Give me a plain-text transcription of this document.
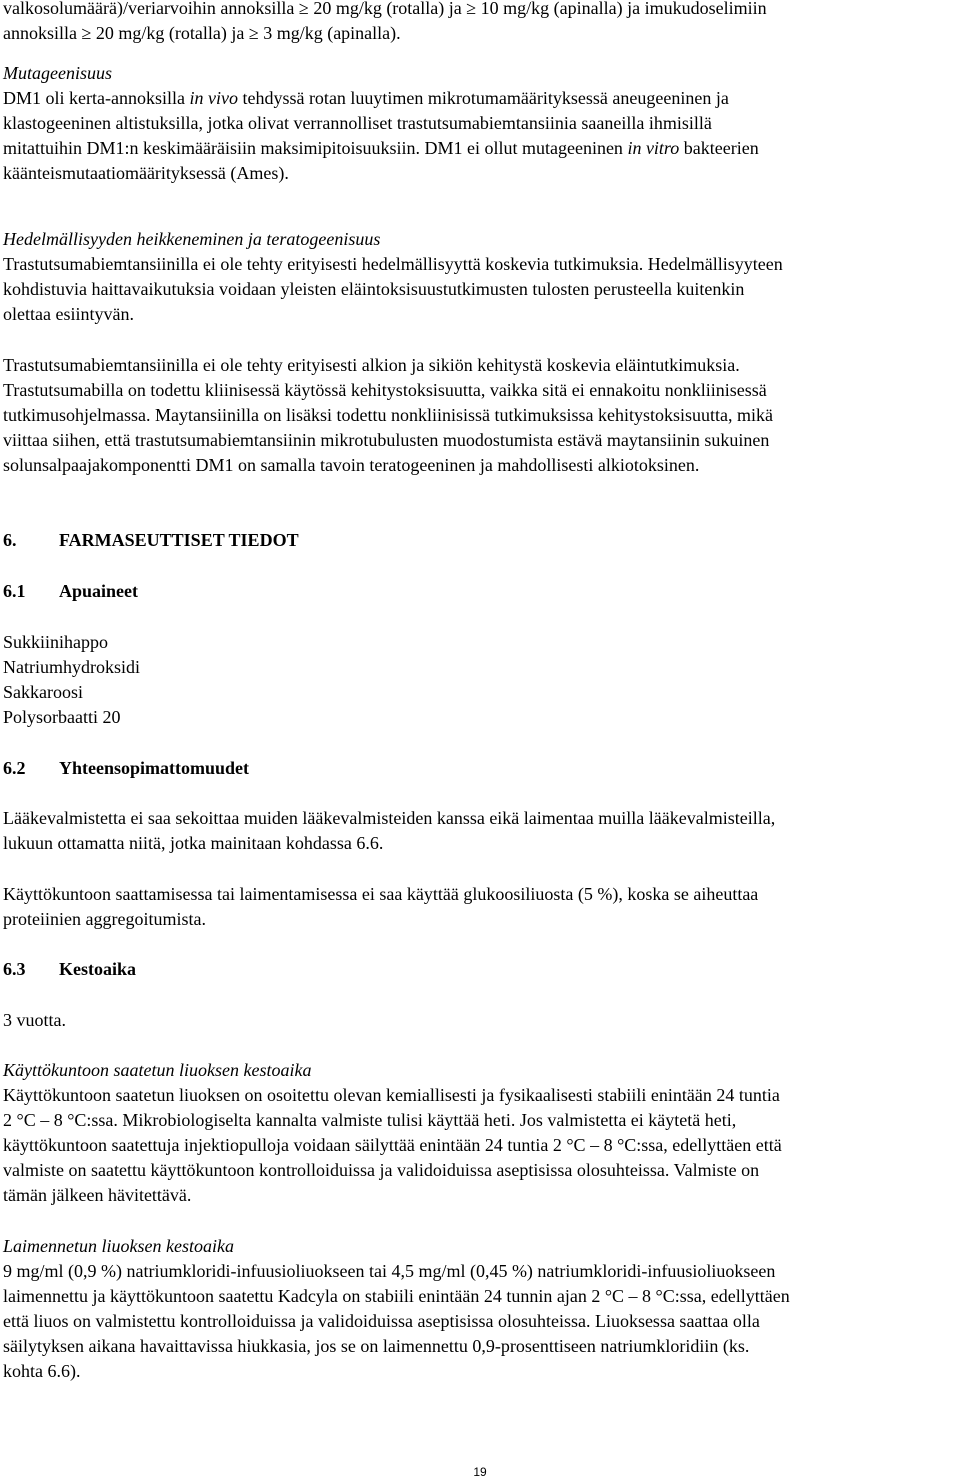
valkosolumäärä)/veriarvoihin annoksilla ≥ 20 mg/kg (rotalla) ja ≥ 10 mg/kg (apinalla) ja imukudoselimiin
annoksilla ≥ 20 mg/kg (rotalla) ja ≥ 3 mg/kg (apinalla).
Mutageenisuus
DM1 oli kerta-annoksilla in vivo tehdyssä rotan luuytimen mikrotumamäärityksessä aneugeeninen ja
klastogeeninen altistuksilla, jotka olivat verrannolliset trastutsumabiemtansiinia saaneilla ihmisillä
mitattuihin DM1:n keskimääräisiin maksimipitoisuuksiin. DM1 ei ollut mutageeninen in vitro bakteerien
käänteismutaatiomäärityksessä (Ames).
Hedelmällisyyden heikkeneminen ja teratogeenisuus
Trastutsumabiemtansiinilla ei ole tehty erityisesti hedelmällisyyttä koskevia tutkimuksia. Hedelmällisyyteen
kohdistuvia haittavaikutuksia voidaan yleisten eläintoksisuustutkimusten tulosten perusteella kuitenkin
olettaa esiintyvän.
Trastutsumabiemtansiinilla ei ole tehty erityisesti alkion ja sikiön kehitystä koskevia eläintutkimuksia.
Trastutsumabilla on todettu kliinisessä käytössä kehitystoksisuutta, vaikka sitä ei ennakoitu nonkliinisessä
tutkimusohjelmassa. Maytansiinilla on lisäksi todettu nonkliinisissä tutkimuksissa kehitystoksisuutta, mikä
viittaa siihen, että trastutsumabiemtansiinin mikrotubulusten muodostumista estävä maytansiinin sukuinen
solunsalpaajakomponentti DM1 on samalla tavoin teratogeeninen ja mahdollisesti alkiotoksinen.
6. FARMASEUTTISET TIEDOT
6.1 Apuaineet
Sukkiinihappo
Natriumhydroksidi
Sakkaroosi
Polysorbaatti 20
6.2 Yhteensopimattomuudet
Lääkevalmistetta ei saa sekoittaa muiden lääkevalmisteiden kanssa eikä laimentaa muilla lääkevalmisteilla,
lukuun ottamatta niitä, jotka mainitaan kohdassa 6.6.
Käyttökuntoon saattamisessa tai laimentamisessa ei saa käyttää glukoosiliuosta (5 %), koska se aiheuttaa
proteiinien aggregoitumista.
6.3 Kestoaika
3 vuotta.
Käyttökuntoon saatetun liuoksen kestoaika
Käyttökuntoon saatetun liuoksen on osoitettu olevan kemiallisesti ja fysikaalisesti stabiili enintään 24 tuntia
2 °C – 8 °C:ssa. Mikrobiologiselta kannalta valmiste tulisi käyttää heti. Jos valmistetta ei käytetä heti,
käyttökuntoon saatettuja injektiopulloja voidaan säilyttää enintään 24 tuntia 2 °C – 8 °C:ssa, edellyttäen että
valmiste on saatettu käyttökuntoon kontrolloiduissa ja validoiduissa aseptisissa olosuhteissa. Valmiste on
tämän jälkeen hävitettävä.
Laimennetun liuoksen kestoaika
9 mg/ml (0,9 %) natriumkloridi-infuusioliuokseen tai 4,5 mg/ml (0,45 %) natriumkloridi-infuusioliuokseen
laimennettu ja käyttökuntoon saatettu Kadcyla on stabiili enintään 24 tunnin ajan 2 °C – 8 °C:ssa, edellyttäen
että liuos on valmistettu kontrolloiduissa ja validoiduissa aseptisissa olosuhteissa. Liuoksessa saattaa olla
säilytyksen aikana havaittavissa hiukkasia, jos se on laimennettu 0,9-prosenttiseen natriumkloridiin (ks.
kohta 6.6).
19
